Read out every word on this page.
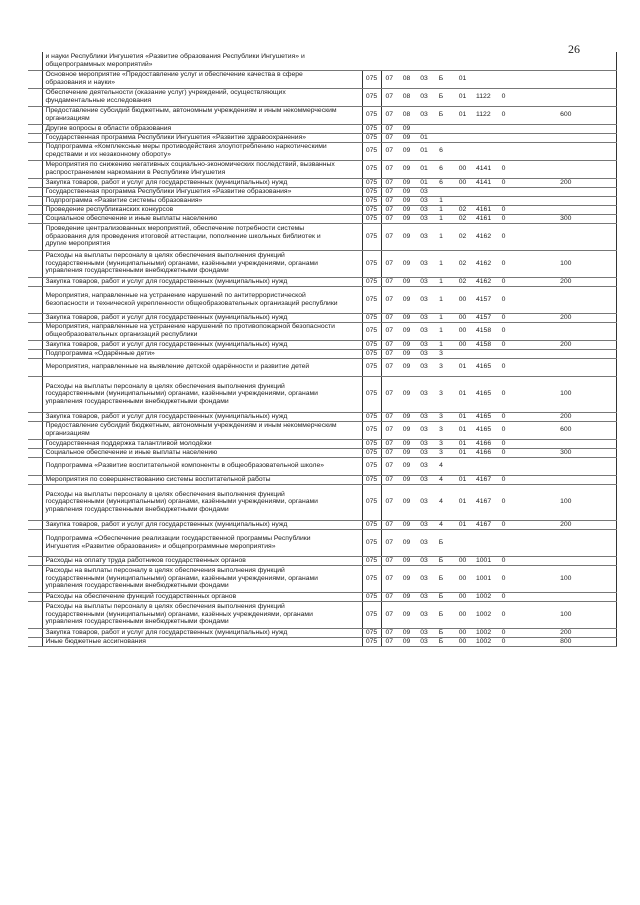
26
	и науки Республики Ингушетия «Развитие образования Республики Ингушетия» и общепрограммных мероприятий»											
	Основное мероприятие «Предоставление услуг и обеспечение качества в сфере образования и науки»		075	07	08	03	Б	01				
	Обеспечение деятельности (оказание услуг) учреждений, осуществляющих фундаментальные исследования		075	07	08	03	Б	01	1122	0		
	Предоставление субсидий бюджетным, автономным учреждениям и иным некоммерческим организациям		075	07	08	03	Б	01	1122	0	600	
	Другие вопросы в области образования		075	07	09							
	Государственная программа Республики Ингушетия «Развитие здравоохранения»		075	07	09	01						
	Подпрограмма «Комплексные меры противодействия злоупотреблению наркотическими средствами и их незаконному обороту»		075	07	09	01	6					
	Мероприятия по снижению негативных социально-экономических последствий, вызванных распространением наркомании в Республике Ингушетия		075	07	09	01	6	00	4141	0		
	Закупка товаров, работ и услуг для государственных (муниципальных) нужд		075	07	09	01	6	00	4141	0	200	
	Государственная программа Республики Ингушетия «Развитие образования»		075	07	09	03						
	Подпрограмма «Развитие системы образования»		075	07	09	03	1					
	Проведение республиканских конкурсов		075	07	09	03	1	02	4161	0		
	Социальное обеспечение и иные выплаты населению		075	07	09	03	1	02	4161	0	300	
	Проведение централизованных мероприятий, обеспечение потребности системы образования для проведения итоговой аттестации, пополнение школьных библиотек и другие мероприятия		075	07	09	03	1	02	4162	0		
	Расходы на выплаты персоналу в целях обеспечения выполнения функций государственными (муниципальными) органами, казёнными учреждениями, органами управления государственными внебюджетными фондами		075	07	09	03	1	02	4162	0	100	
	Закупка товаров, работ и услуг для государственных (муниципальных) нужд		075	07	09	03	1	02	4162	0	200	
	Мероприятия, направленные на устранение нарушений по антитеррористической безопасности и технической укрепленности общеобразовательных организаций республики		075	07	09	03	1	00	4157	0		
	Закупка товаров, работ и услуг для государственных (муниципальных) нужд		075	07	09	03	1	00	4157	0	200	
	Мероприятия, направленные на устранение нарушений по противопожарной безопасности общеобразовательных организаций республики		075	07	09	03	1	00	4158	0		
	Закупка товаров, работ и услуг для государственных (муниципальных) нужд		075	07	09	03	1	00	4158	0	200	
	Подпрограмма «Одарённые дети»		075	07	09	03	3					
	Мероприятия, направленные на выявление детской одарённости и развитие детей		075	07	09	03	3	01	4165	0		
	Расходы на выплаты персоналу в целях обеспечения выполнения функций государственными (муниципальными) органами, казёнными учреждениями, органами управления государственными внебюджетными фондами		075	07	09	03	3	01	4165	0	100	
	Закупка товаров, работ и услуг для государственных (муниципальных) нужд		075	07	09	03	3	01	4165	0	200	
	Предоставление субсидий бюджетным, автономным учреждениям и иным некоммерческим организациям		075	07	09	03	3	01	4165	0	600	
	Государственная поддержка талантливой молодёжи		075	07	09	03	3	01	4166	0		
	Социальное обеспечение и иные выплаты населению		075	07	09	03	3	01	4166	0	300	
	Подпрограмма «Развитие воспитательной компоненты в общеобразовательной школе»		075	07	09	03	4					
	Мероприятия по совершенствованию системы воспитательной работы		075	07	09	03	4	01	4167	0		
	Расходы на выплаты персоналу в целях обеспечения выполнения функций государственными (муниципальными) органами, казёнными учреждениями, органами управления государственными внебюджетными фондами		075	07	09	03	4	01	4167	0	100	
	Закупка товаров, работ и услуг для государственных (муниципальных) нужд		075	07	09	03	4	01	4167	0	200	
	Подпрограмма «Обеспечение реализации государственной программы Республики Ингушетия «Развитие образования» и общепрограммные мероприятия»		075	07	09	03	Б					
	Расходы на оплату труда работников государственных органов		075	07	09	03	Б	00	1001	0		
	Расходы на выплаты персоналу в целях обеспечения выполнения функций государственными (муниципальными) органами, казёнными учреждениями, органами управления государственными внебюджетными фондами		075	07	09	03	Б	00	1001	0	100	
	Расходы на обеспечение функций государственных органов		075	07	09	03	Б	00	1002	0		
	Расходы на выплаты персоналу в целях обеспечения выполнения функций государственными (муниципальными) органами, казённых учреждениями, органами управления государственными внебюджетными фондами		075	07	09	03	Б	00	1002	0	100	
	Закупка товаров, работ и услуг для государственных (муниципальных) нужд		075	07	09	03	Б	00	1002	0	200	
	Иные бюджетные ассигнования		075	07	09	03	Б	00	1002	0	800	
